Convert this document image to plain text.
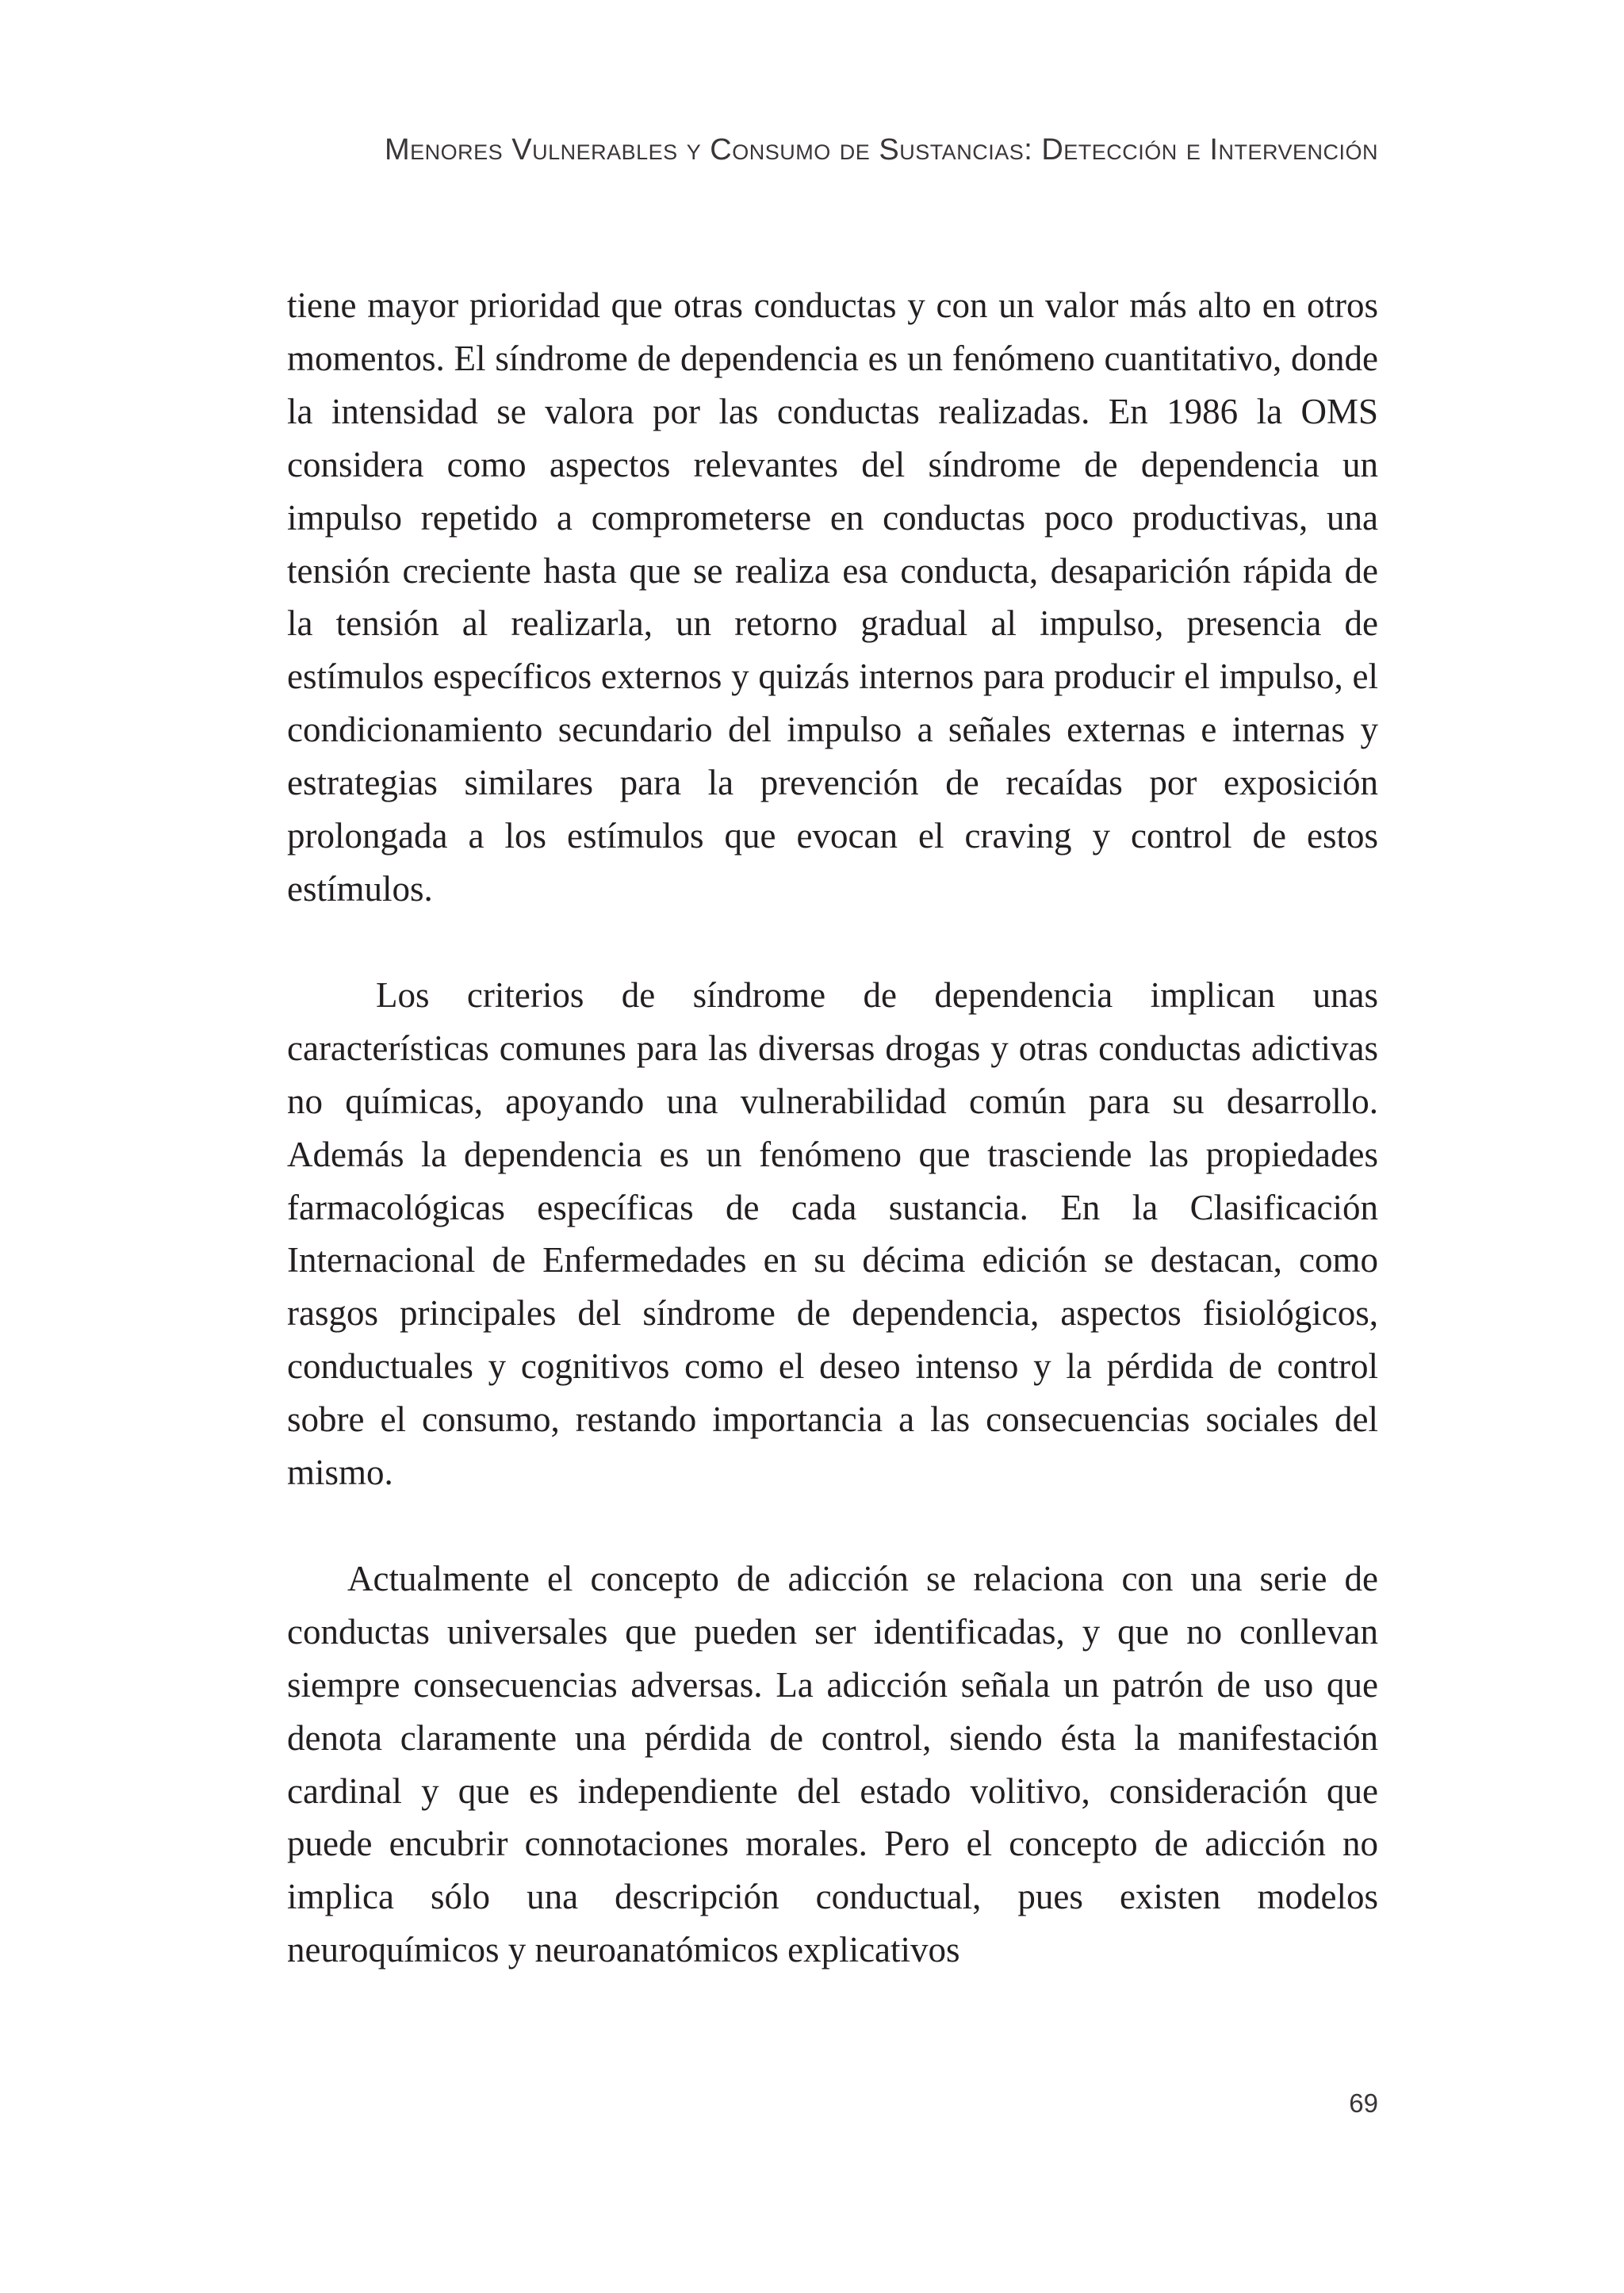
Menores Vulnerables y Consumo de Sustancias: Detección e Intervención

tiene mayor prioridad que otras conductas y con un valor más alto en otros momentos. El síndrome de dependencia es un fenómeno cuantitativo, donde la intensidad se valora por las conductas realizadas. En 1986 la OMS considera como aspectos relevantes del síndrome de dependencia un impulso repetido a comprometerse en conductas poco productivas, una tensión creciente hasta que se realiza esa conducta, desaparición rápida de la tensión al realizarla, un retorno gradual al impulso, presencia de estímulos específicos externos y quizás internos para producir el impulso, el condicionamiento secundario del impulso a señales externas e internas y estrategias similares para la prevención de recaídas por exposición prolongada a los estímulos que evocan el craving y control de estos estímulos.

Los criterios de síndrome de dependencia implican unas características comunes para las diversas drogas y otras conductas adictivas no químicas, apoyando una vulnerabilidad común para su desarrollo. Además la dependencia es un fenómeno que trasciende las propiedades farmacológicas específicas de cada sustancia. En la Clasificación Internacional de Enfermedades en su décima edición se destacan, como rasgos principales del síndrome de dependencia, aspectos fisiológicos, conductuales y cognitivos como el deseo intenso y la pérdida de control sobre el consumo, restando importancia a las consecuencias sociales del mismo.

Actualmente el concepto de adicción se relaciona con una serie de conductas universales que pueden ser identificadas, y que no conllevan siempre consecuencias adversas. La adicción señala un patrón de uso que denota claramente una pérdida de control, siendo ésta la manifestación cardinal y que es independiente del estado volitivo, consideración que puede encubrir connotaciones morales. Pero el concepto de adicción no implica sólo una descripción conductual, pues existen modelos neuroquímicos y neuroanatómicos explicativos

69
